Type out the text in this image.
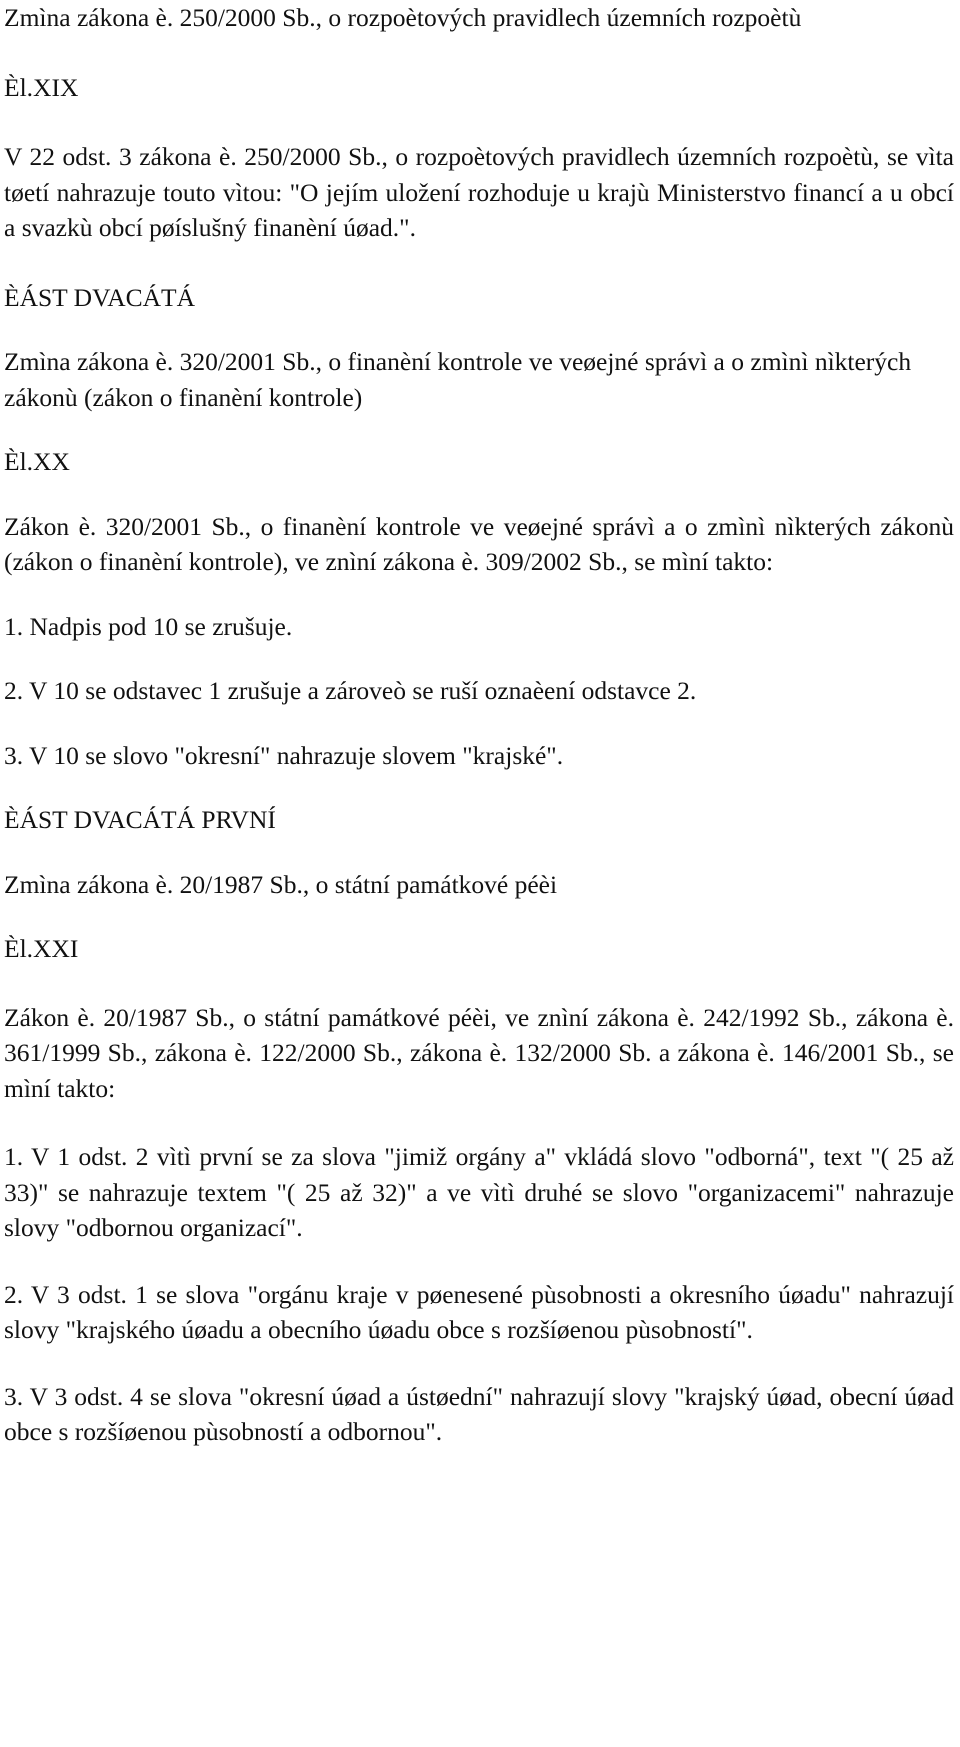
Zmìna zákona è. 250/2000 Sb., o rozpoètových pravidlech územních rozpoètù

Èl.XIX

V 22 odst. 3 zákona è. 250/2000 Sb., o rozpoètových pravidlech územních rozpoètù, se vìta tøetí nahrazuje touto vìtou: "O jejím uložení rozhoduje u krajù Ministerstvo financí a u obcí a svazkù obcí pøíslušný finanèní úøad.".

ÈÁST DVACÁTÁ

Zmìna zákona è. 320/2001 Sb., o finanèní kontrole ve veøejné správì a o zmìnì nìkterých zákonù (zákon o finanèní kontrole)

Èl.XX

Zákon è. 320/2001 Sb., o finanèní kontrole ve veøejné správì a o zmìnì nìkterých zákonù (zákon o finanèní kontrole), ve znìní zákona è. 309/2002 Sb., se mìní takto:

1. Nadpis pod 10 se zrušuje.

2. V 10 se odstavec 1 zrušuje a zároveò se ruší oznaèení odstavce 2.

3. V 10 se slovo "okresní" nahrazuje slovem "krajské".

ÈÁST DVACÁTÁ PRVNÍ

Zmìna zákona è. 20/1987 Sb., o státní památkové péèi

Èl.XXI

Zákon è. 20/1987 Sb., o státní památkové péèi, ve znìní zákona è. 242/1992 Sb., zákona è. 361/1999 Sb., zákona è. 122/2000 Sb., zákona è. 132/2000 Sb. a zákona è. 146/2001 Sb., se mìní takto:

1. V 1 odst. 2 vìtì první se za slova "jimiž orgány a" vkládá slovo "odborná", text "( 25 až 33)" se nahrazuje textem "( 25 až 32)" a ve vìtì druhé se slovo "organizacemi" nahrazuje slovy "odbornou organizací".

2. V 3 odst. 1 se slova "orgánu kraje v pøenesené pùsobnosti a okresního úøadu" nahrazují slovy "krajského úøadu a obecního úøadu obce s rozšíøenou pùsobností".

3. V 3 odst. 4 se slova "okresní úøad a ústøední" nahrazují slovy "krajský úøad, obecní úøad obce s rozšíøenou pùsobností a odbornou".
